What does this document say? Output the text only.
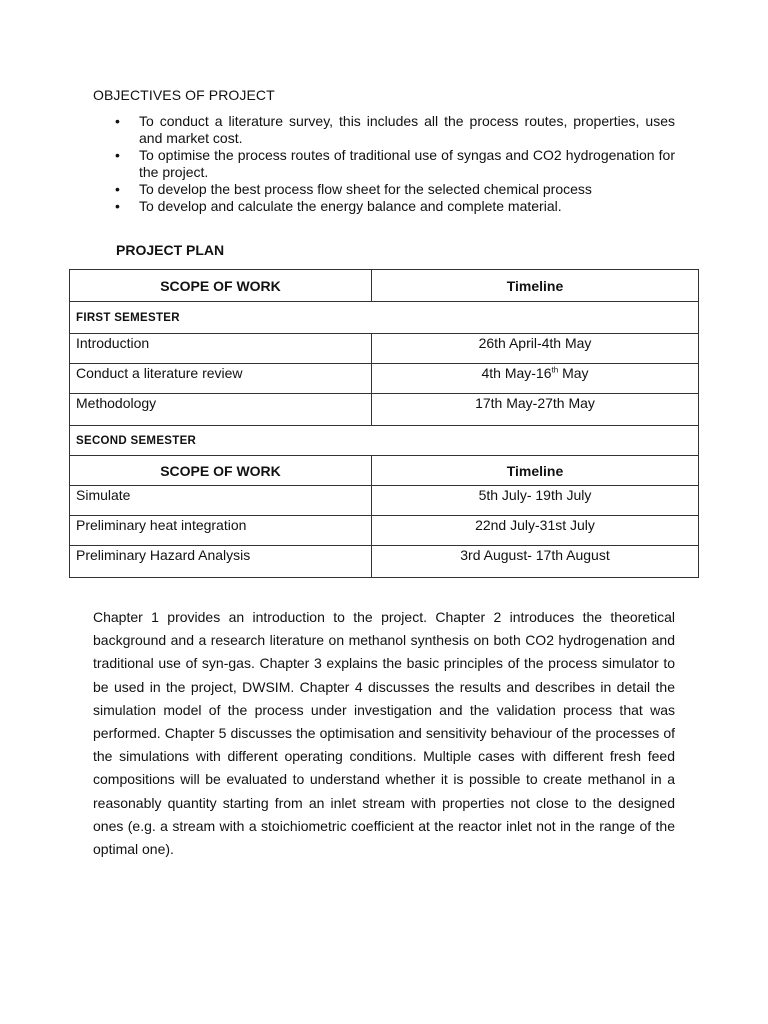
OBJECTIVES OF PROJECT
• To conduct a literature survey, this includes all the process routes, properties, uses and market cost.
• To optimise the process routes of traditional use of syngas and CO2 hydrogenation for the project.
• To develop the best process flow sheet for the selected chemical process
• To develop and calculate the energy balance and complete material.
PROJECT PLAN
SCOPE OF WORK	Timeline
FIRST SEMESTER	
Introduction	26th April-4th May
Conduct a literature review	4th May-16th May
Methodology	17th May-27th May
SECOND SEMESTER	
SCOPE OF WORK	Timeline
Simulate	5th July- 19th July
Preliminary heat integration	22nd July-31st July
Preliminary Hazard Analysis	3rd August- 17th August

Chapter 1 provides an introduction to the project. Chapter 2 introduces the theoretical background and a research literature on methanol synthesis on both CO2 hydrogenation and traditional use of syn-gas. Chapter 3 explains the basic principles of the process simulator to be used in the project, DWSIM. Chapter 4 discusses the results and describes in detail the simulation model of the process under investigation and the validation process that was performed. Chapter 5 discusses the optimisation and sensitivity behaviour of the processes of the simulations with different operating conditions. Multiple cases with different fresh feed compositions will be evaluated to understand whether it is possible to create methanol in a reasonably quantity starting from an inlet stream with properties not close to the designed ones (e.g. a stream with a stoichiometric coefficient at the reactor inlet not in the range of the optimal one).
